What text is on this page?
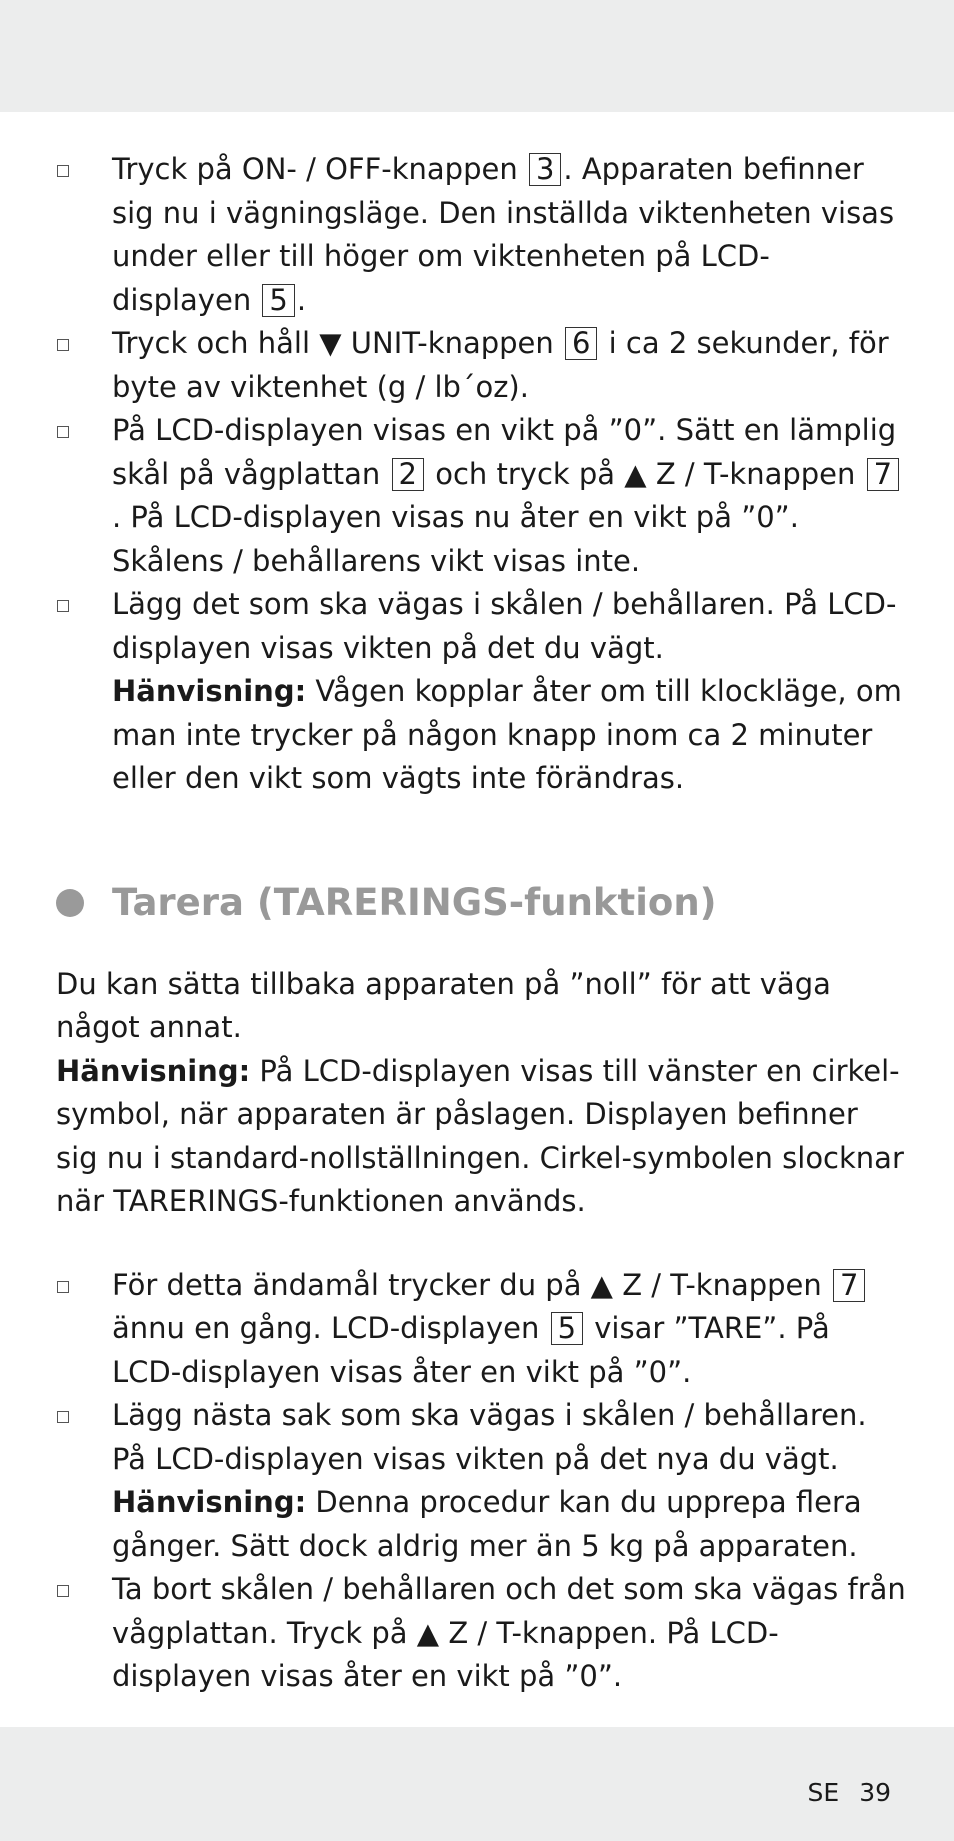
Tryck på ON- / OFF-knappen 3 . Apparaten befinner sig nu i vägningsläge. Den inställda viktenheten visas under eller till höger om viktenheten på LCD-displayen 5 .
Tryck och håll ▼ UNIT-knappen 6 i ca 2 sekunder, för byte av viktenhet (g / lb´oz).
På LCD-displayen visas en vikt på ”0”. Sätt en lämplig skål på vågplattan 2 och tryck på ▲ Z / T-knappen 7. På LCD-displayen visas nu åter en vikt på ”0”. Skålens / behållarens vikt visas inte.
Lägg det som ska vägas i skålen / behållaren. På LCD-displayen visas vikten på det du vägt.
Hänvisning: Vågen kopplar åter om till klockläge, om man inte trycker på någon knapp inom ca 2 minuter eller den vikt som vägts inte förändras.
Tarera (TARERINGS-funktion)
Du kan sätta tillbaka apparaten på ”noll” för att väga något annat.
Hänvisning: På LCD-displayen visas till vänster en cirkel-symbol, när apparaten är påslagen. Displayen befinner sig nu i standard-nollställningen. Cirkel-symbolen slocknar när TARERINGS-funktionen används.
För detta ändamål trycker du på ▲ Z / T-knappen 7 ännu en gång. LCD-displayen 5 visar ”TARE”. På LCD-displayen visas åter en vikt på ”0”.
Lägg nästa sak som ska vägas i skålen / behållaren. På LCD-displayen visas vikten på det nya du vägt.
Hänvisning: Denna procedur kan du upprepa flera gånger. Sätt dock aldrig mer än 5 kg på apparaten.
Ta bort skålen / behållaren och det som ska vägas från vågplattan. Tryck på ▲ Z / T-knappen. På LCD-displayen visas åter en vikt på ”0”.
SE 39
